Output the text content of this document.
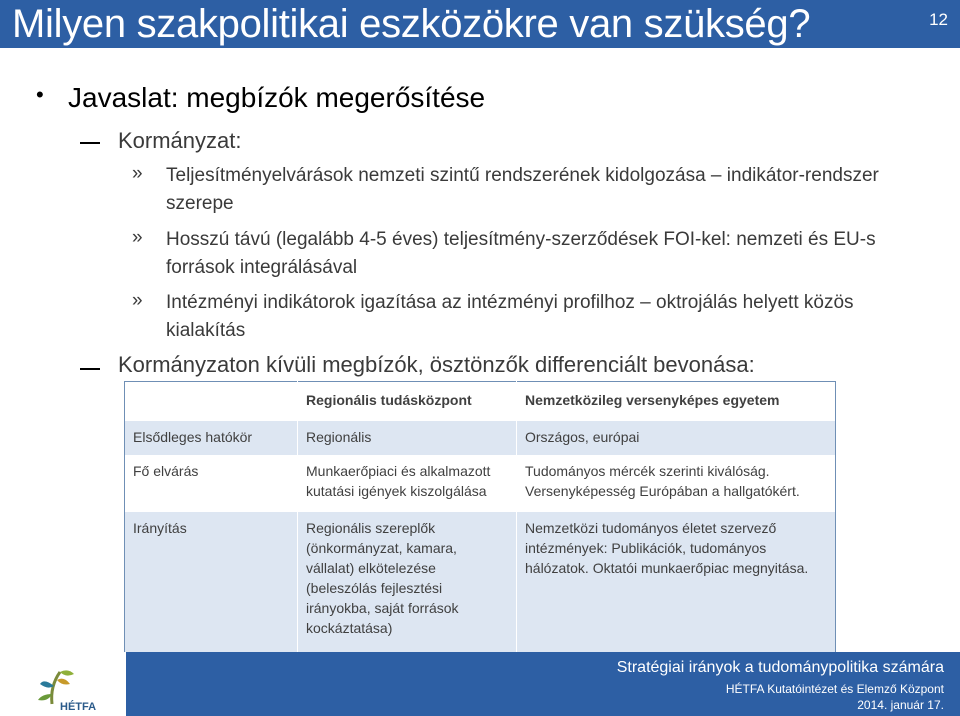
Milyen szakpolitikai eszközökre van szükség?	12
• Javaslat: megbízók megerősítése
Kormányzat:
» Teljesítményelvárások nemzeti szintű rendszerének kidolgozása – indikátor-rendszer szerepe
» Hosszú távú (legalább 4-5 éves) teljesítmény-szerződések FOI-kel: nemzeti és EU-s források integrálásával
» Intézményi indikátorok igazítása az intézményi profilhoz – oktrojálás helyett közös kialakítás
Kormányzaton kívüli megbízók, ösztönzők differenciált bevonása:
	Regionális tudásközpont	Nemzetközileg versenyképes egyetem
Elsődleges hatókör	Regionális	Országos, európai
Fő elvárás	Munkaerőpiaci és alkalmazott kutatási igények kiszolgálása	Tudományos mércék szerinti kiválóság. Versenyképesség Európában a hallgatókért.
Irányítás	Regionális szereplők (önkormányzat, kamara, vállalat) elkötelezése (beleszólás fejlesztési irányokba, saját források kockáztatása)	Nemzetközi tudományos életet szervező intézmények: Publikációk, tudományos hálózatok. Oktatói munkaerőpiac megnyitása.
HÉTFA
Stratégiai irányok a tudománypolitika számára
HÉTFA Kutatóintézet és Elemző Központ
2014. január 17.
